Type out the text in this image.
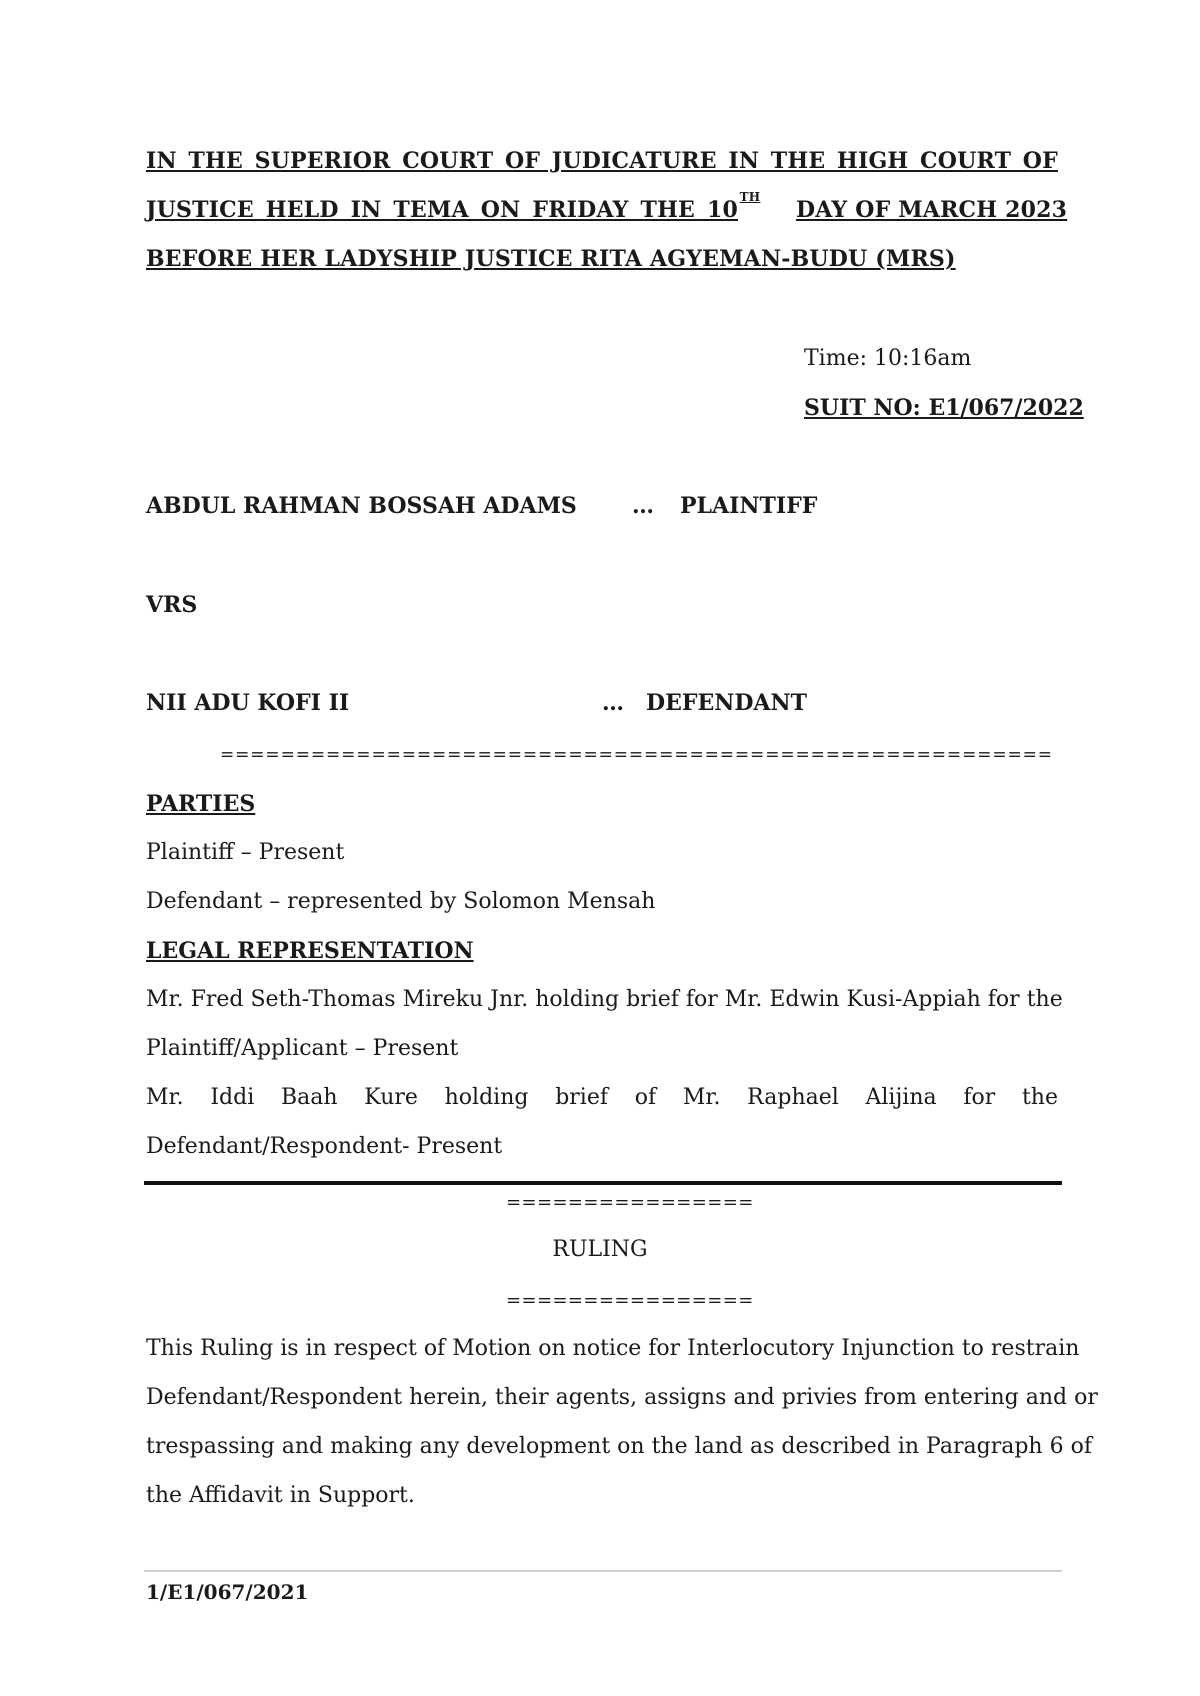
IN THE SUPERIOR COURT OF JUDICATURE IN THE HIGH COURT OF
JUSTICE HELD IN TEMA ON FRIDAY THE 10 TH DAY OF MARCH 2023
BEFORE HER LADYSHIP JUSTICE RITA AGYEMAN-BUDU (MRS)
Time: 10:16am
SUIT NO: E1/067/2022
ABDUL RAHMAN BOSSAH ADAMS	… PLAINTIFF
VRS
NII ADU KOFI II	… DEFENDANT
=======================================================
PARTIES
Plaintiff – Present
Defendant – represented by Solomon Mensah
LEGAL REPRESENTATION
Mr. Fred Seth-Thomas Mireku Jnr. holding brief for Mr. Edwin Kusi-Appiah for the
Plaintiff/Applicant – Present
Mr. Iddi Baah Kure holding brief of Mr. Raphael Alijina for the
Defendant/Respondent- Present
================
RULING
================
This Ruling is in respect of Motion on notice for Interlocutory Injunction to restrain
Defendant/Respondent herein, their agents, assigns and privies from entering and or
trespassing and making any development on the land as described in Paragraph 6 of
the Affidavit in Support.
1/E1/067/2021
